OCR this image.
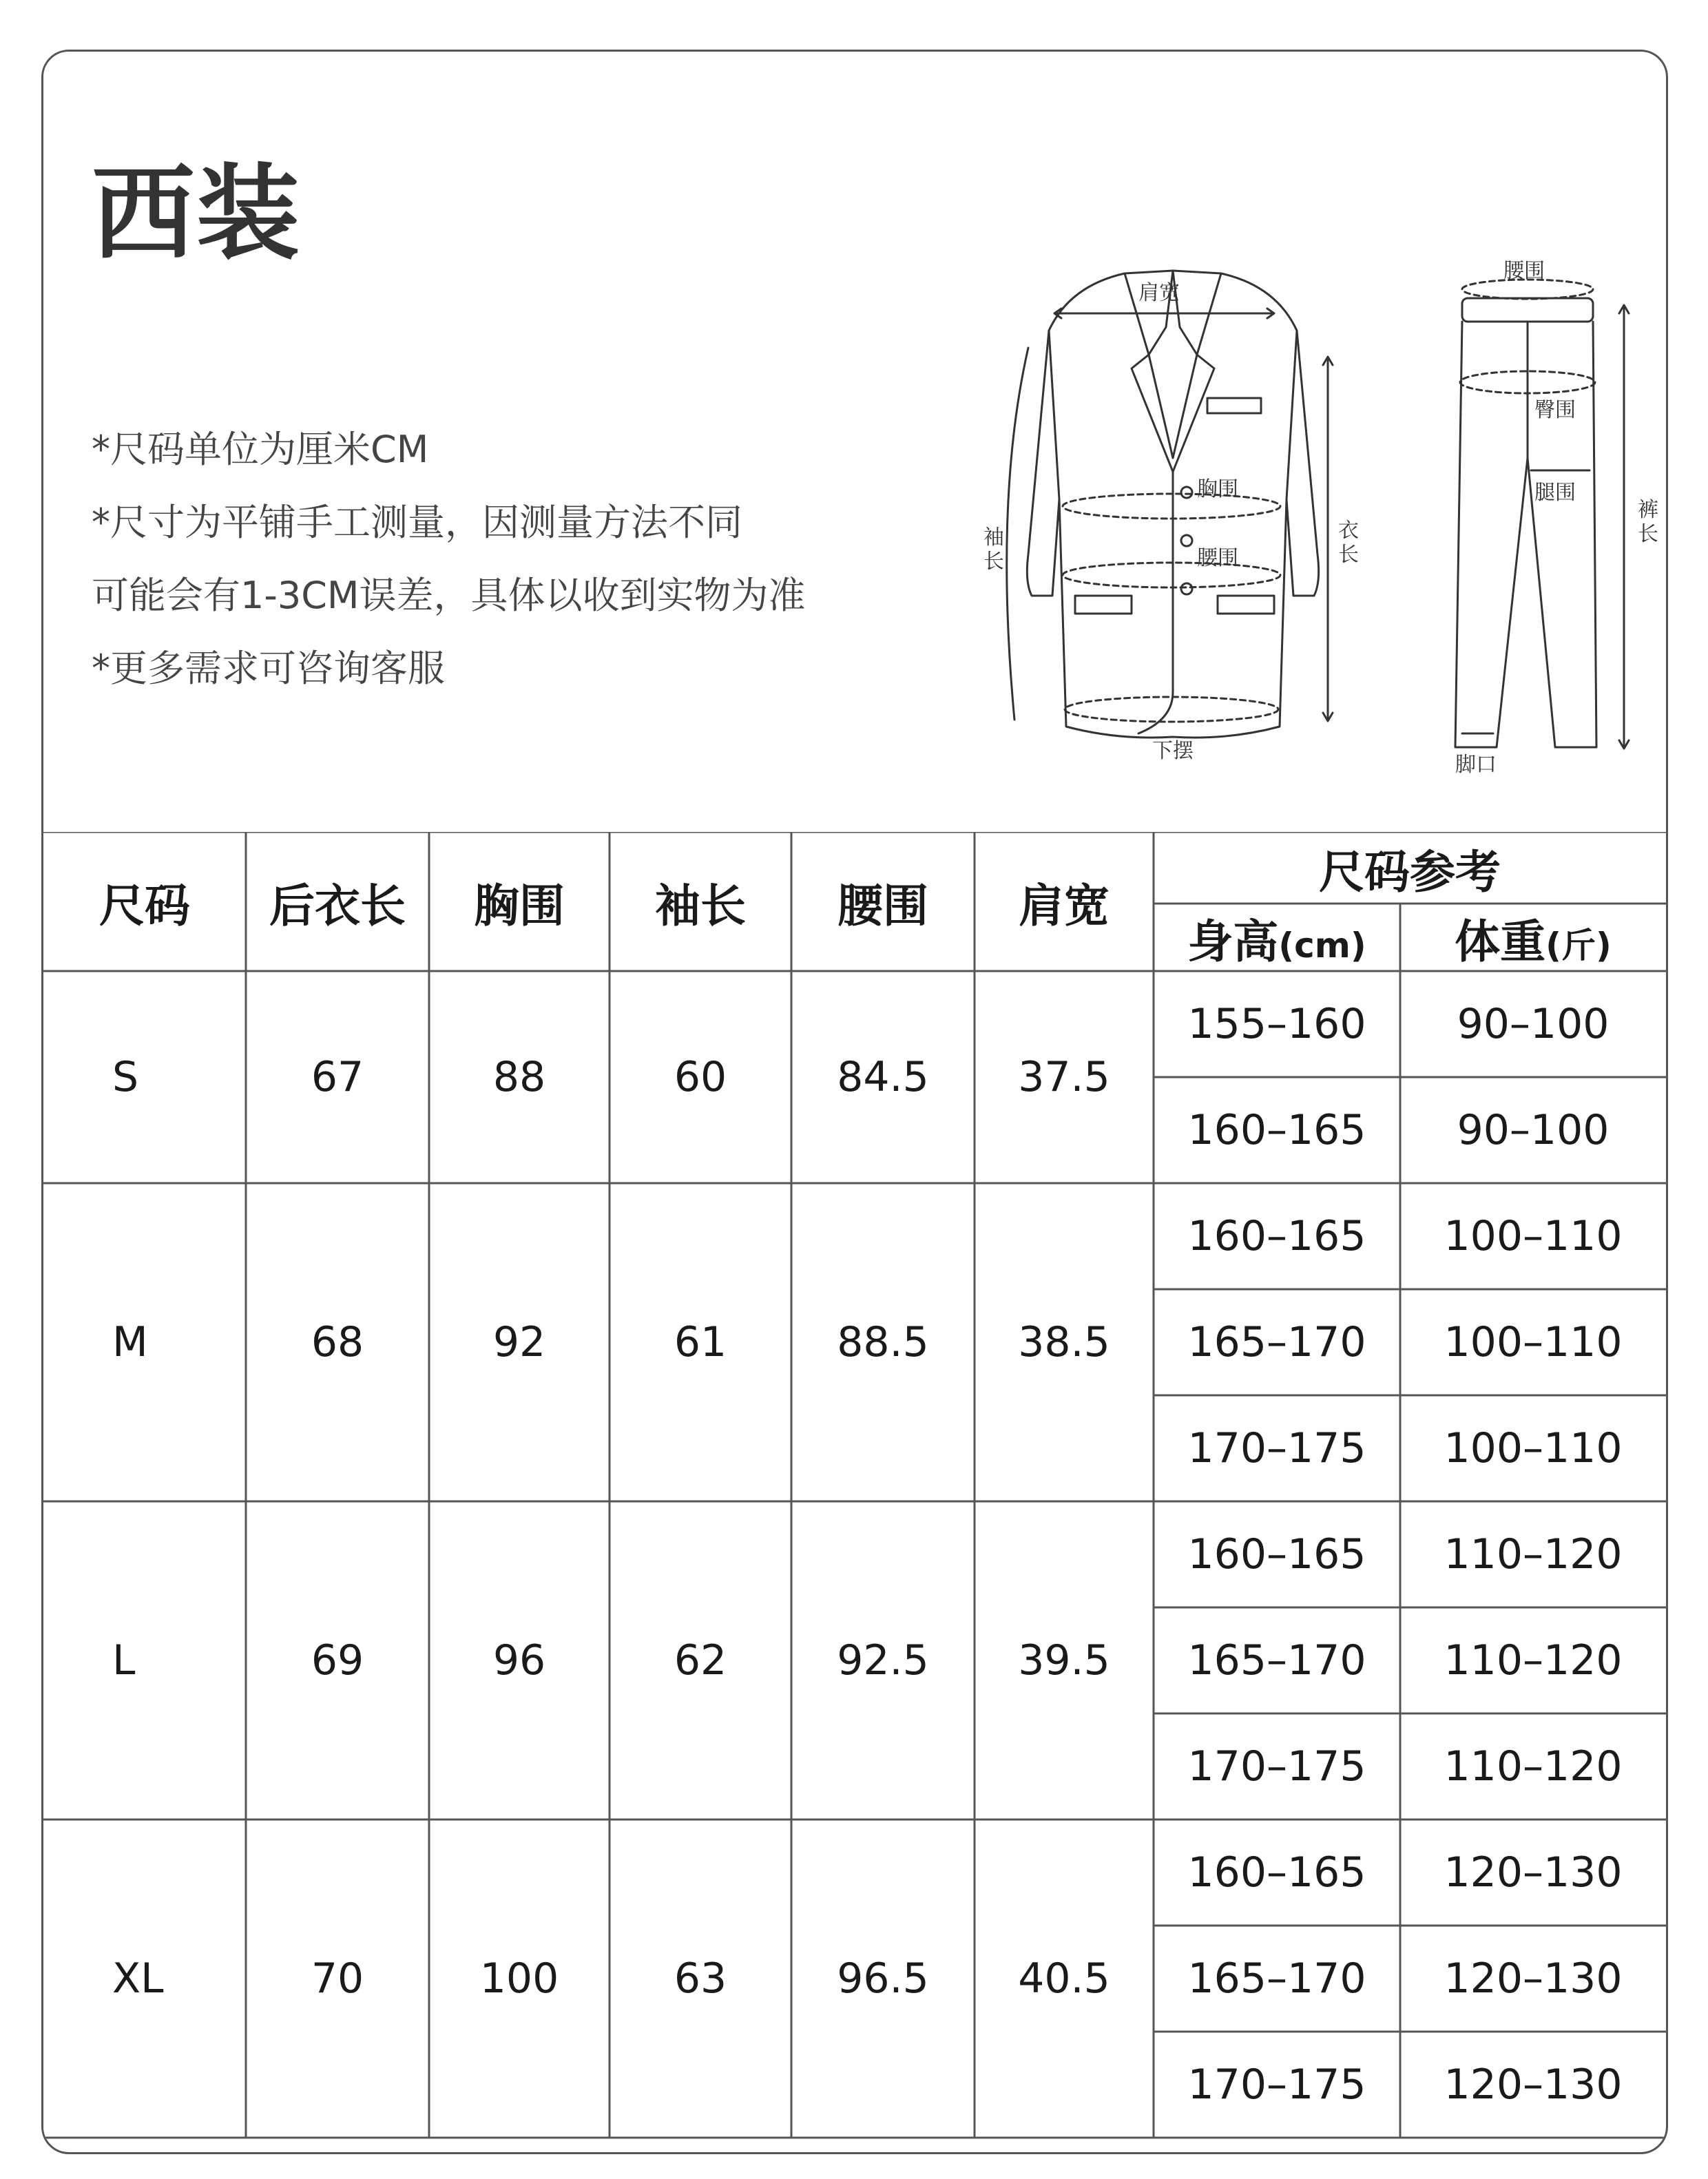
西装
*尺码单位为厘米CM
*尺寸为平铺手工测量，因测量方法不同
可能会有1-3CM误差，具体以收到实物为准
*更多需求可咨询客服
肩宽
袖
长
胸围
腰围
衣
长
下摆
腰围
臀围
腿围
裤
长
脚口
尺码	后衣长	胸围	袖长	腰围	肩宽
尺码参考
身高(cm) 体重(斤)
S	67	88	60	84.5	37.5
155–160	90–100
160–165	90–100
M	68	92	61	88.5	38.5
160–165	100–110
165–170	100–110
170–175	100–110
L	69	96	62	92.5	39.5
160–165	110–120
165–170	110–120
170–175	110–120
XL	70	100	63	96.5	40.5
160–165	120–130
165–170	120–130
170–175	120–130
